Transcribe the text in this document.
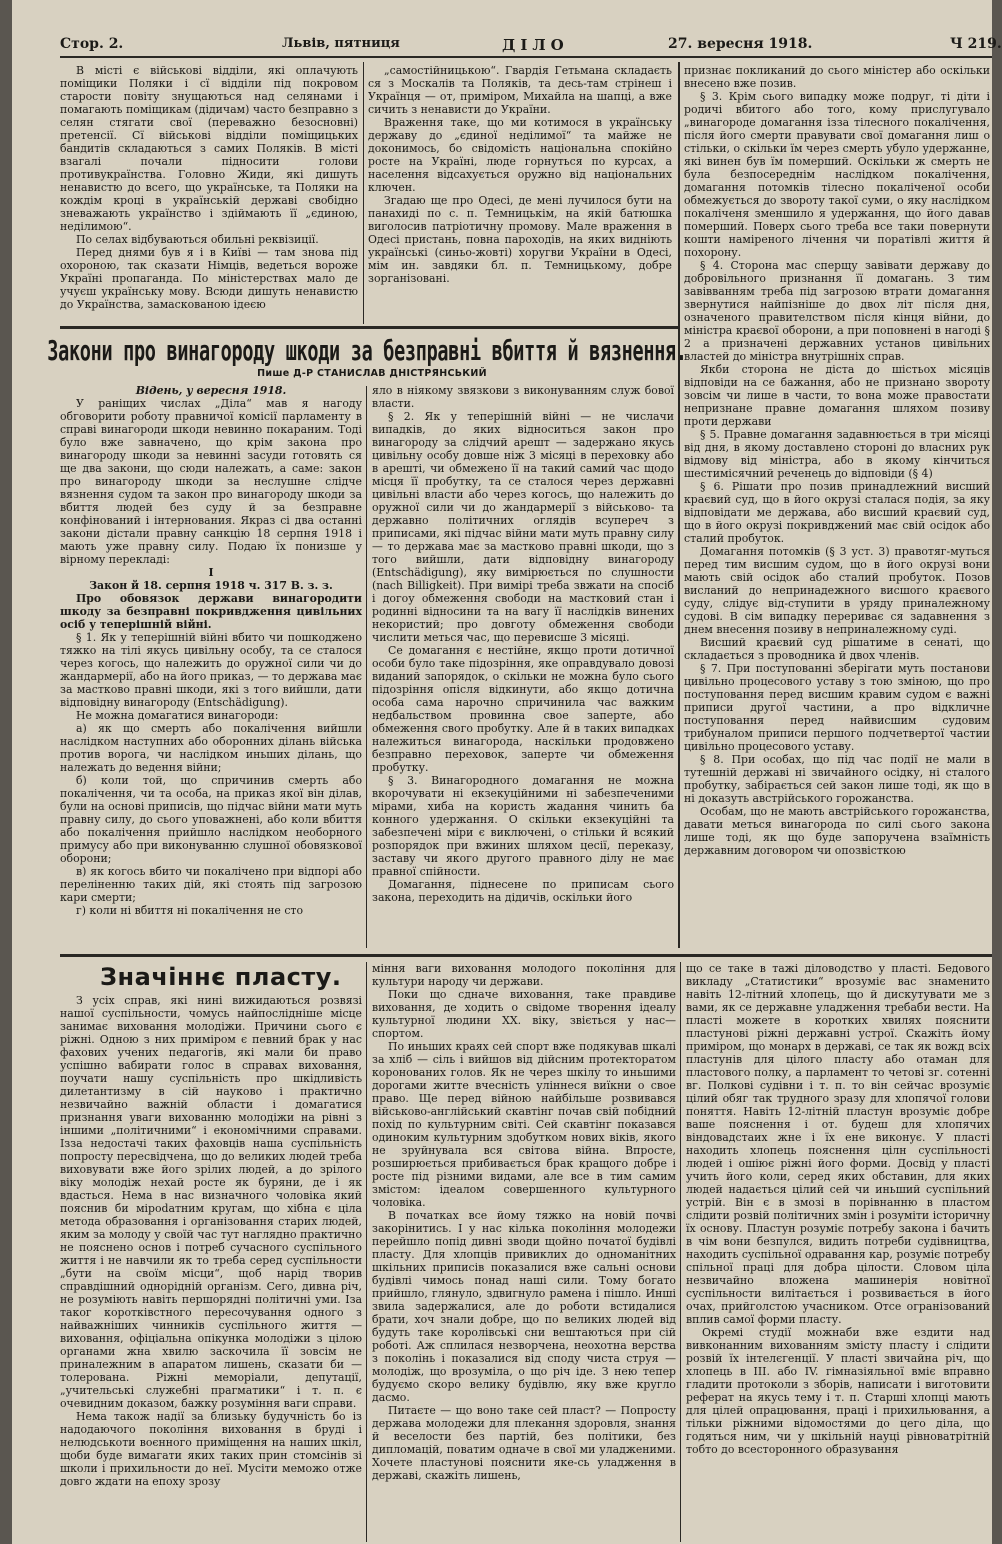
Стор. 2.	Львів, пятниця	ДІЛО	27. вересня 1918.	Ч 219.

В місті є військові відділи, які оплачують поміщики Поляки і сї відділи під покровом старости повіту знущаються над селянами і помагають поміщикам (дідичам) часто безправно з селян стягати свої (переважно безосновні) претенсії. Сї військові відділи поміщицьких бандитів складаються з самих Поляків. В місті взагалі почали підносити голови противукраїнства. Головно Жиди, які дишуть ненавистю до всего, що українське, та Поляки на кождім кроці в українській державі свобідно зневажають українство і здіймають її „єдиною, неділимою“.

По селах відбуваються обильні реквізиції.

Перед днями був я і в Київі — там знова під охороною, так сказати Німців, ведеться вороже Україні пропаганда. По міністерствах мало де учуєш українську мову. Всюди дишуть ненавистю до Українства, замаскованою ідеєю

„самостійницькою“. Гвардія Гетьмана складаєть ся з Москалів та Поляків, та десь-там стрінеш і Українця — от, приміром, Михайла на шапці, а вже сичить з ненависти до України.

Враження таке, що ми котимося в українську державу до „єдиної неділимої“ та майже не доконимось, бо свідомість національна спокійно росте на Україні, люде горнуться по курсах, а населення відсахується оружно від національних ключен.

Згадаю ще про Одесі, де мені лучилося бути на панахиді по с. п. Темницькім, на якій батюшка виголосив патріотичну промову. Мале враження в Одесі пристань, повна пароходів, на яких видніють українські (синьо-жовті) хоругви України в Одесі, мім ин. завдяки бл. п. Темницькому, добре зорганізовані.

признає покликаний до сього міністер або оскільки внесено вже позив.

§ 3. Крім сього випадку може подруг, ті діти і родичі вбитого або того, кому прислугувало „винагороде домагання ізза тілесного покалічення, після його смерти правувати свої домагання лиш о стільки, о скільки їм через смерть убулo удержанне, які винен був їм померший. Оскільки ж смерть не була безпосереднім наслідком покалічення, домагання потомків тілесно покаліченої особи обмежується до звороту такої суми, о яку наслідком покаліченя зменшило я удержання, що його давав померший. Поверх сього треба все таки повернути кошти наміреного лічення чи поратівлі життя й похорону.

§ 4. Сторона мас сперщу завівати державу до добровільного признання її домагань. З тим завівванням треба під загрозою втрати домагання звернутися найпізніше до двох літ після дня, означеного правителством після кінця війни, до міністра краєвої оборони, а при поповнені в нагоді § 2 а призначені державних установ цивільних властей до міністра внутрішніх справ.

Якби сторона не діста до шістьох місяців відповіди на се бажання, або не признано звороту зовсім чи лише в части, то вона може правостати непризнане правне домагання шляхом позиву проти держави

§ 5. Правне домагання задавнюється в три місяці від дня, в якому доставлено стороні до власних рук відмову від міністра, або в якому кінчиться шестимісячний реченець до відповіди (§ 4)

§ 6. Рішати про позив принадлежний висший краєвий суд, що в його окрузі сталася подія, за яку відповідати ме держава, або висший краєвий суд, що в його окрузі покривджений має свій осідок або сталий пробуток.

Домагання потомків (§ 3 уст. 3) правотяг-муться перед тим висшим судом, що в його окрузі вони мають свій осідок або сталий пробуток. Позов висланий до непринадежного висшого краєвого суду, слідує від-ступити в уряду приналежному судові. В сім випадку перериває ся задавнення з днем внесення позиву в неприналежному суді.

Висший краєвий суд рішатиме в сенаті, що складається з проводника й двох членів.

§ 7. При поступованні зберігати муть постанови цивільно процесового уставу з тою зміною, що про поступовання перед висшим кравим судом є важні приписи другої частини, а про відкличне поступовання перед найвисшим судовим трибуналом приписи першого подчетвертої частии цивільно процесового уставу.

§ 8. При особах, що під час події не мали в тутешній державі ні звичайного осідку, ні сталого пробутку, забірається сей закон лише тоді, як що в ні доказуть австрійського горожанства.

Особам, що не мають австрійського горожанства, давати меться винагорода по силі сього закона лише тоді, як що буде запоручена взаїмність державним договором чи опозвісткою

Закони про винагороду шкоди за безправні вбиття й вязнення.
Пише Д-Р СТАНИСЛАВ ДНІСТРЯНСЬКИЙ

Відень, у вересня 1918.

У раніщих числах „Діла“ мав я нагоду обговорити роботу правничої комісії парламенту в справі винагороди шкоди невинно покараним. Тоді було вже завначено, що крім закона про винагороду шкоди за невинні засуди готовять ся ще два закони, що сюди належать, а саме: закон про винагороду шкоди за неслушне слідче вязнення судом та закон про винагороду шкоди за вбиття людей без суду й за безправне конфінований і інтернования. Якраз сі два останні закони дістали правну санкцію 18 серпня 1918 і мають уже правну силу. Подаю їх понизше у вірному перекладі:

I

Закон й 18. серпня 1918 ч. 317 В. з. з.

Про обовязок держави винагородити шкоду за безправні покривдження цивільних осіб у теперішній війні.

§ 1. Як у теперішній війні вбито чи пошкоджено тяжко на тілі якусь цивільну особу, та се сталося через когось, що належить до оружної сили чи до жандармерії, або на його приказ, — то держава має за мастково правні шкоди, які з того вийшли, дати відповідну винагороду (Entschädigung).

Не можна домагатися винагороди:

а) як що смерть або покалічення вийшли наслідком наступних або оборонних ділань війська против ворога, чи наслідком иньших ділань, що належать до ведення війни;

б) коли той, що спричинив смерть або покалічення, чи та особа, на приказ якої він ділав, були на основі приписів, що підчас війни мати муть правну силу, до сього уповажнені, або коли вбиття або покалічення прийшло наслідком необорного примусу або при виконуванню слушної обовязкової оборони;

в) як когось вбито чи покалічено при відпорі або переліненню таких дій, які стоять під загрозою кари смерти;

г) коли ні вбиття ні покалічення не сто

яло в ніякому звязкови з виконуванням служ бової власти.

§ 2. Як у теперішній війні — не числачи випадків, до яких відноситься закон про винагороду за слідчий арешт — задержано якусь цивільну особу довше ніж 3 місяці в переховку або в арешті, чи обмежено її на такий самий час щодо місця її пробутку, та се сталося через державні цивільні власти або через когось, що належить до оружної сили чи до жандармерії з військово- та державно політичних оглядів всупереч з приписами, які підчас війни мати муть правну силу — то держава має за мастково правні шкоди, що з того вийшли, дати відповідну винагороду (Entschädigung), яку вимірюється по слушности (nach Billigkeit). При вимірі треба звжати на спосіб і догоу обмеження свободи на мастковий стан і родинні відносини та на вагу її наслідків винених некористий; про довготу обмеження свободи числити меться час, що перевисше 3 місяці.

Се домагання є нестійне, якщо проти дотичної особи було таке підозріння, яке оправдувало довозі виданий запорядок, о скільки не можна було сього підозріння опісля відкинути, або якщо дотична особа сама нарочно спричинила час важким недбальством провинна свое заперте, або обмеження свого пробутку. Але й в таких випадках належиться винагорода, наскільки продовжено безправно переховок, заперте чи обмеження пробутку.

§ 3. Винагородного домагання не можна вкорочувати ні екзекуційними ні забезпеченими мірами, хиба на користь жадання чинить ба конного удержання. О скільки екзекуційні та забезпечені міри є виключені, о стільки й всякий розпорядок при вжиних шляхом цесії, переказу, заставу чи якого другого правного ділу не має правної спійности.

Домагання, піднесене по приписам сього закона, переходить на дідичів, оскільки його

Значіннє пласту.

З усіх справ, які нині вижидаються розвязі нашої суспільности, чомусь найпослідніше місце занимає виховання молодіжи. Причини сього є ріжні. Одною з них приміром є певний брак у нас фахових учених педагогів, які мали би право успішно вабирати голос в справах виховання, поучати нашу суспільність про шкідливість дилетантизму в сій науково і практично незвичайно важній области і домагатися признання уваги вихованню молодіжи на рівні з іншими „політичними“ і економічними справами. Ізза недостачі таких фаховців наша суспільність попросту пересвідчена, що до великих людей треба виховувати вже його зрілих людей, а до зрілого віку молодіж нехай росте як буряни, де і як вдасться. Нема в нас визначного чоловіка який пояснив би мірodaтним кругам, що хібна є ціла метода образовання і організовання старих людей, яким за молоду у своїй час тут наглядно практично не пояснено основ і потреб сучасного суспільного життя і не навчили як то треба серед суспільности „бути на своїм місци“, щоб нарід творив справдішний однорідній організм. Сего, дивна річ, не розуміють навіть першорядні політичні уми. Іза таког коротківстного пересочування одного з найважніших чинників суспільного життя — виховання, офіціальна опікунка молодіжи з цілою органами жна хвилю заскочила її зовсім не приналежним в апаратом лишень, сказати би —толерована. Ріжні меморіали, депутації, „учительські служебні прагматики“ і т. п. є очевидним доказом, бажку розуміння ваги справи.

Нема також надії за близьку будучність бо із надодаючого покоління виховання в бруді і нелюдськоти воєнного приміщення на наших шкіл, щоби буде вимагати яких таких прин стомсінів зі школи і прихильности до неї. Мусіти меможо отже довго ждати на епоху зрозу

міння ваги виховання молодого покоління для культури народу чи держави.

Поки що сдначе виховання, таке правдиве виховання, де ходить о свідоме творення ідеалу культурної людини XX. віку, звіється у нас— спортом.

По иньших краях сей спорт вже подякував шкалі за хліб — сіль і вийшов від дійсним протекторатом коронованих голов. Як не через шкілу то иньшими дорогами житте вчесність уліннеся виїкни о свое право. Ще перед війною найбільше розвивався військово-англійський скавтінг почав свій побідний похід по культурним світі. Сей скавтінг показався одиноким культурним здобутком нових віків, якого не зруйнувала вся світова війна. Впросте, розширюється прибивається брак кращого добре і росте під різними видами, але все в тим самим змістом: ідеалом совершенного культурного чоловіка.

В початках все йому тяжко на новій почві закорінитись. І у нас кілька покоління молодежи перейшло попід дивні зводи щойно початої будівлі пласту. Для хлопців привиклих до одноманітних шкільних приписів показалися вже сальні основи будівлі чимось понад наші сили. Тому богато прийшло, глянуло, здвигнуло рамена і пішло. Инші звила задержалися, але до роботи встидалися брати, хоч знали добре, що по великих людей від будуть таке королівські сни вештаються при сій роботі. Аж сплилася незворчена, неохотна верства з поколінь і показалися від споду чиста струя — молодіж, що врозуміла, о що річ іде. З нею тепер будуємо скоро велику будівлю, яку вже кругло дасмо.

Питаєте — що воно таке сей пласт? — Попросту держава молодежи для плекання здоровля, знання й веселости без партій, без політики, без дипломацій, поватим одначе в свої ми уладженими. Хочете пластунові пояснити яке-сь уладження в державі, скажіть лишень,

що се таке в тажі діловодство у пласті. Бедового викладу „Статистики“ врозуміє вас знаменито навіть 12-літний хлопець, що й дискутувати ме з вами, як се державне уладження требаби вести. На пласті можете в коротких хвилях пояснити пластунові ріжні державні устрої. Скажіть йому приміром, що монарх в державі, се так як вожд всіх пластунів для цілого пласту або отаман для пластового полку, а парламент то четові зг. сотенні вг. Полкові судівни і т. п. то він сейчас врозуміє цілий обяг так трудного зразу для хлопячої голови поняття. Навіть 12-літній пластун врозуміє добре ваше пояснення і от. будеш для хлопячих віндовадстаих жне і їх ене виконує. У пласті находить хлопець пояснення цілн суспільності людей і ошіює ріжні його форми. Досвід у пласті учить його коли, серед яких обставин, для яких людей надається цілий сей чи иньший суспільний устрій. Він є в змозі в порівнанню в пластом слідити розвій політичних змін і розуміти історичну їх основу. Пластун розуміє потребу закона і бачить в чім вони безпулся, видить потреби судівництва, находить суспільної одравання кар, розуміє потребу спільної праці для добра цілости. Словом ціла незвичайно вложена машинерія новітної суспільности вилітається і розвивається в його очах, прийголстою учасником. Отсе огранізований вплив самої форми пласту.

Окремі студії можнаби вже ездити над вивконанним вихованням змісту пласту і слідити розвій їх інтелєгенції. У пласті звичайна річ, що хлопець в III. або IV. гімназіяльної вміє вправно гладити протоколи з зборів, написати і виготовити реферат на якусь тему і т. п. Старші хлопці мають для цілей опрацювання, праці і прихильювання, а тільки ріжними відомостями до цего діла, що годяться ним, чи у шкільній науці рівноватрітній тобто до всесторонного образування
